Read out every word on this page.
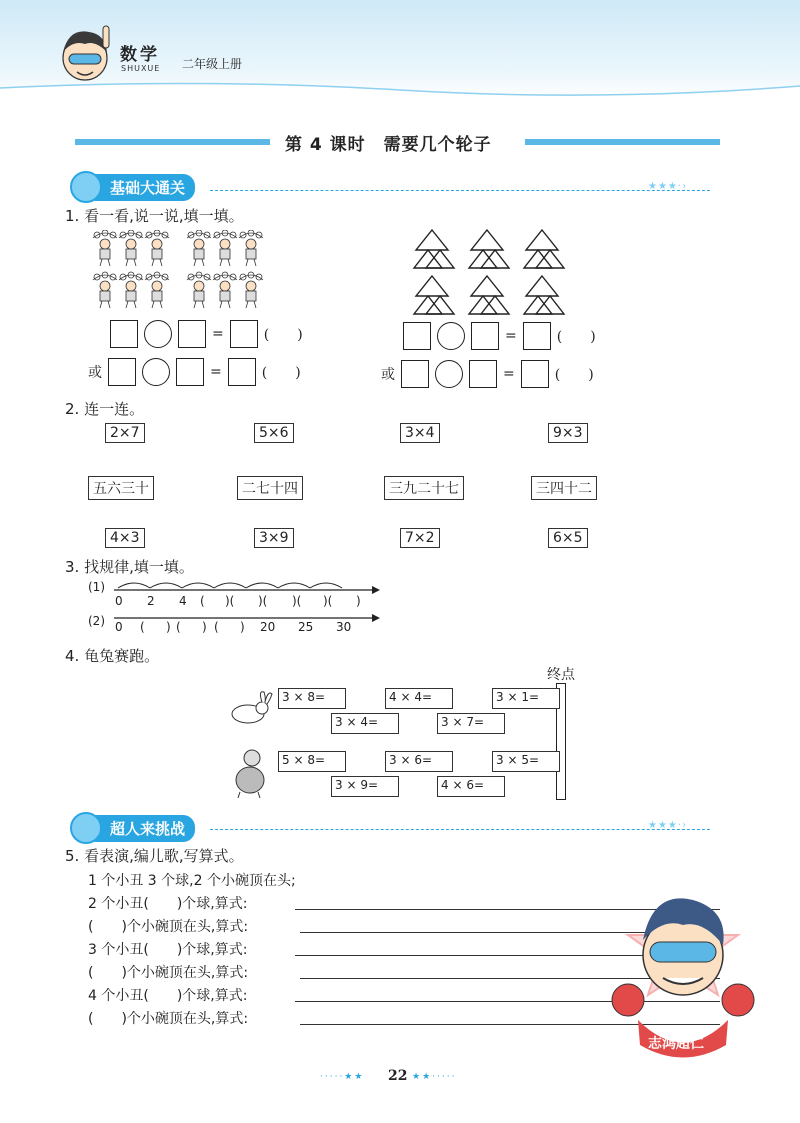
数学
SHUXUE 二年级上册
第 4 课时　需要几个轮子
基础大通关	★★★·›
1. 看一看,说一说,填一填。
=	(　　)
或	=	(　　)
=	(　　)
或	=	(　　)
2. 连一连。
2×7	5×6	3×4	9×3
五六三十	二七十四	三九二十七	三四十二
4×3	3×9	7×2	6×5
3. 找规律,填一填。
(1)
0 2 4 ( )( )( )( )( )
(2) 0 ( ) ( ) ( ) 20 25 30
4. 龟兔赛跑。
终点
3 × 8=	4 × 4=	3 × 1=
3 × 4=	3 × 7=
5 × 8=	3 × 6=	3 × 5=
3 × 9=	4 × 6=
超人来挑战	★★★·›
5. 看表演,编儿歌,写算式。
1 个小丑 3 个球,2 个小碗顶在头;
2 个小丑(　　)个球,算式:
(　　)个小碗顶在头,算式:
3 个小丑(　　)个球,算式:
(　　)个小碗顶在头,算式:
4 个小丑(　　)个球,算式:
(　　)个小碗顶在头,算式:
志鸿超仁
·····★★ 22 ★★·····
